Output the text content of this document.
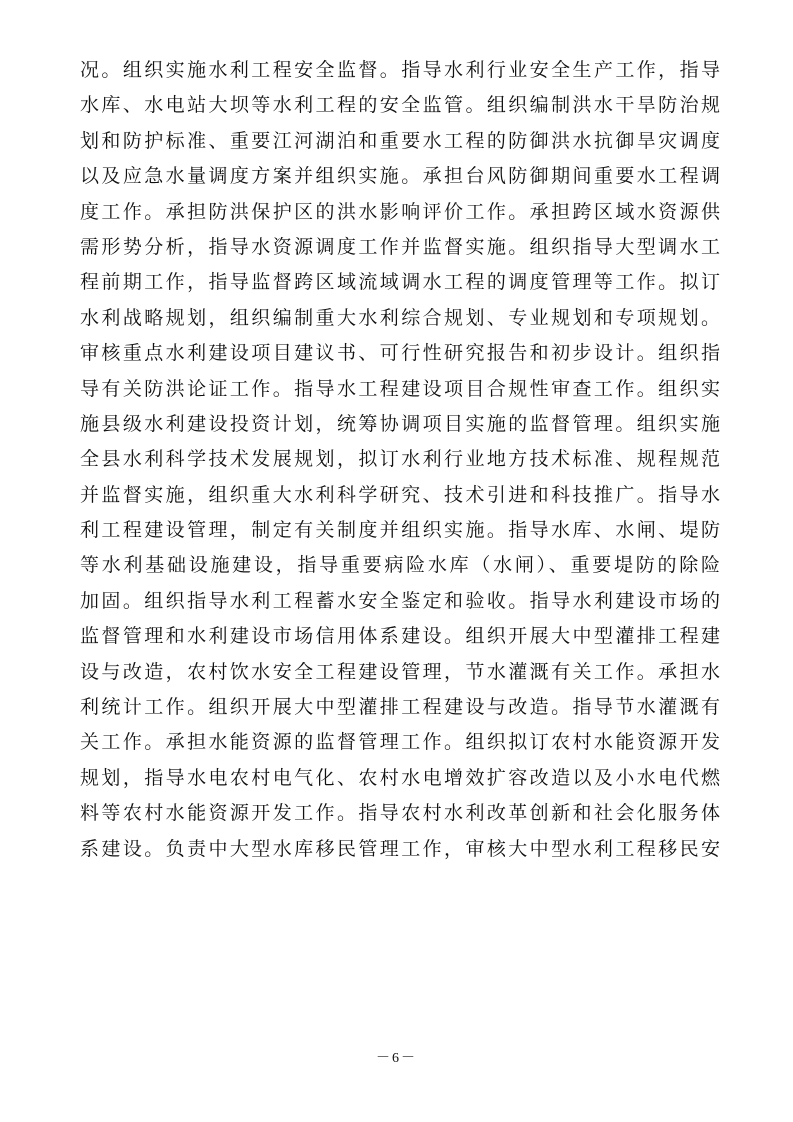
况。组织实施水利工程安全监督。指导水利行业安全生产工作，指导
水库、水电站大坝等水利工程的安全监管。组织编制洪水干旱防治规
划和防护标准、重要江河湖泊和重要水工程的防御洪水抗御旱灾调度
以及应急水量调度方案并组织实施。承担台风防御期间重要水工程调
度工作。承担防洪保护区的洪水影响评价工作。承担跨区域水资源供
需形势分析，指导水资源调度工作并监督实施。组织指导大型调水工
程前期工作，指导监督跨区域流域调水工程的调度管理等工作。拟订
水利战略规划，组织编制重大水利综合规划、专业规划和专项规划。
审核重点水利建设项目建议书、可行性研究报告和初步设计。组织指
导有关防洪论证工作。指导水工程建设项目合规性审查工作。组织实
施县级水利建设投资计划，统筹协调项目实施的监督管理。组织实施
全县水利科学技术发展规划，拟订水利行业地方技术标准、规程规范
并监督实施，组织重大水利科学研究、技术引进和科技推广。指导水
利工程建设管理，制定有关制度并组织实施。指导水库、水闸、堤防
等水利基础设施建设，指导重要病险水库（水闸）、重要堤防的除险
加固。组织指导水利工程蓄水安全鉴定和验收。指导水利建设市场的
监督管理和水利建设市场信用体系建设。组织开展大中型灌排工程建
设与改造，农村饮水安全工程建设管理，节水灌溉有关工作。承担水
利统计工作。组织开展大中型灌排工程建设与改造。指导节水灌溉有
关工作。承担水能资源的监督管理工作。组织拟订农村水能资源开发
规划，指导水电农村电气化、农村水电增效扩容改造以及小水电代燃
料等农村水能资源开发工作。指导农村水利改革创新和社会化服务体
系建设。负责中大型水库移民管理工作，审核大中型水利工程移民安
－6－
